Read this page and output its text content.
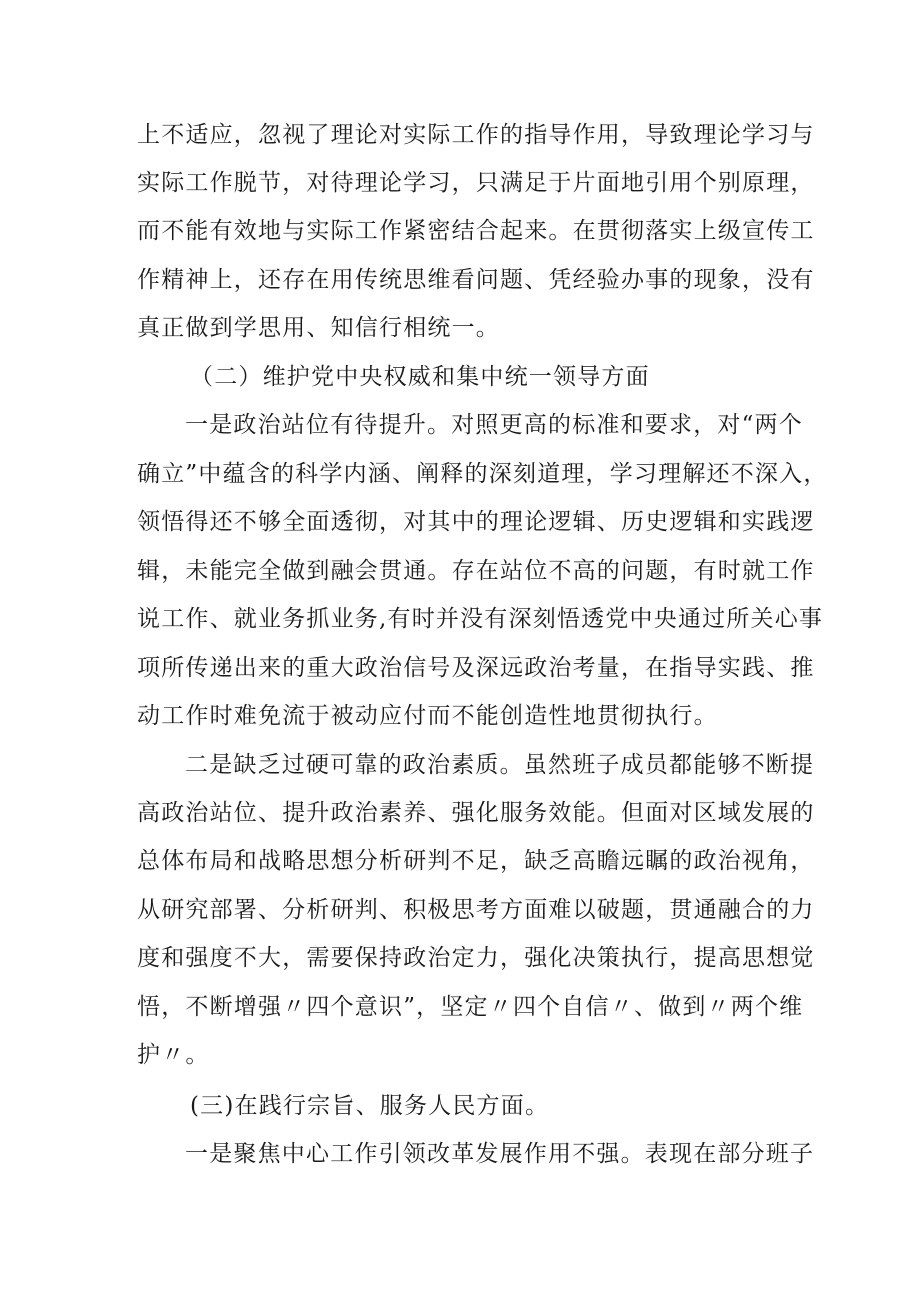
上不适应，忽视了理论对实际工作的指导作用，导致理论学习与
实际工作脱节，对待理论学习，只满足于片面地引用个别原理，
而不能有效地与实际工作紧密结合起来。在贯彻落实上级宣传工
作精神上，还存在用传统思维看问题、凭经验办事的现象，没有
真正做到学思用、知信行相统一。
（二）维护党中央权威和集中统一领导方面
一是政治站位有待提升。对照更高的标准和要求，对“两个
确立”中蕴含的科学内涵、阐释的深刻道理，学习理解还不深入，
领悟得还不够全面透彻，对其中的理论逻辑、历史逻辑和实践逻
辑，未能完全做到融会贯通。存在站位不高的问题，有时就工作
说工作、就业务抓业务,有时并没有深刻悟透党中央通过所关心事
项所传递出来的重大政治信号及深远政治考量，在指导实践、推
动工作时难免流于被动应付而不能创造性地贯彻执行。
二是缺乏过硬可靠的政治素质。虽然班子成员都能够不断提
高政治站位、提升政治素养、强化服务效能。但面对区域发展的
总体布局和战略思想分析研判不足，缺乏高瞻远瞩的政治视角，
从研究部署、分析研判、积极思考方面难以破题，贯通融合的力
度和强度不大，需要保持政治定力，强化决策执行，提高思想觉
悟，不断增强〃四个意识”，坚定〃四个自信〃、做到〃两个维
护〃。
(三)在践行宗旨、服务人民方面。
一是聚焦中心工作引领改革发展作用不强。表现在部分班子
